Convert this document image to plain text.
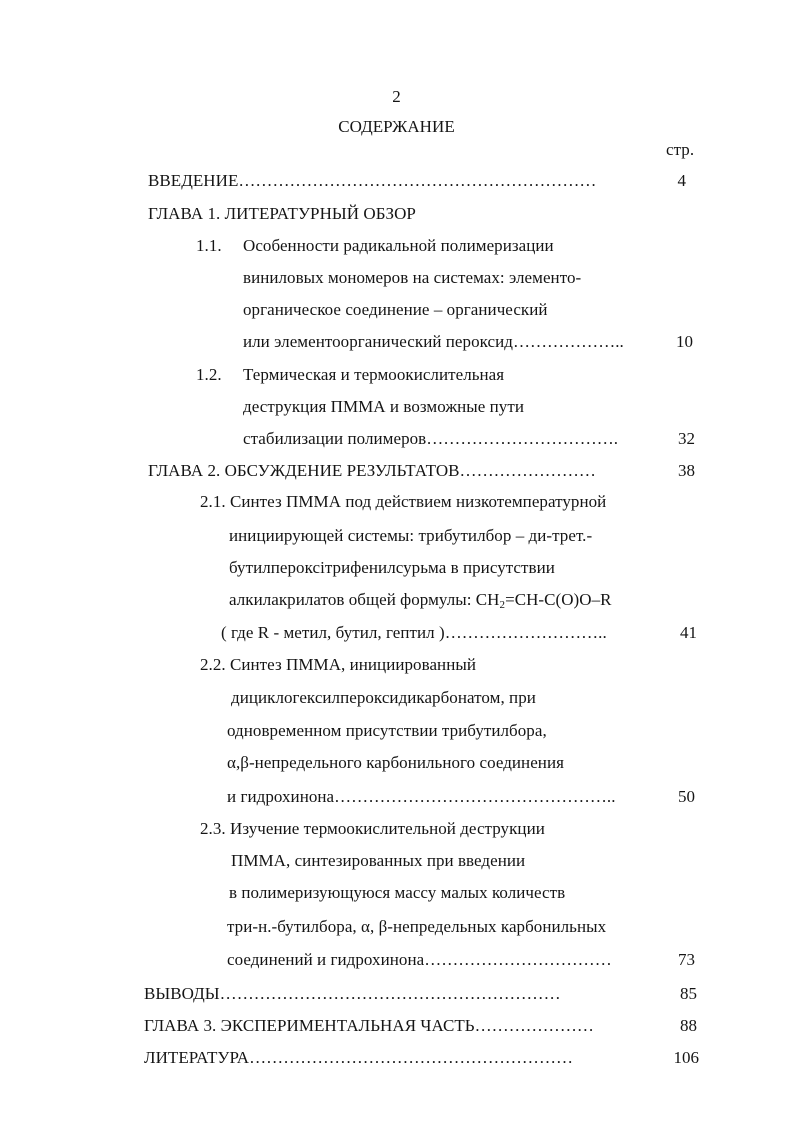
2
СОДЕРЖАНИЕ
стр.
ВВЕДЕНИЕ………………………………………………………	4
ГЛАВА 1. ЛИТЕРАТУРНЫЙ ОБЗОР
1.1. Особенности радикальной полимеризации
виниловых мономеров на системах: элементо-
органическое соединение – органический
или элементоорганический пероксид………………..	10
1.2. Термическая и термоокислительная
деструкция ПММА и возможные пути
стабилизации полимеров…………………………….	32
ГЛАВА 2. ОБСУЖДЕНИЕ РЕЗУЛЬТАТОВ……………………	38
2.1. Синтез ПММА под действием низкотемпературной
инициирующей системы: трибутилбор – ди-трет.-
бутилпероксітрифенилсурьма в присутствии
алкилакрилатов общей формулы: $CH_2=CH-C(O)O-R$
( где R - метил, бутил, гептил )………………………..	41
2.2. Синтез ПММА, инициированный
дициклогексилпероксидикарбонатом, при
одновременном присутствии трибутилбора,
α,β-непредельного карбонильного соединения
и гидрохинона…………………………………………..	50
2.3. Изучение термоокислительной деструкции
ПММА, синтезированных при введении
в полимеризующуюся массу малых количеств
три-н.-бутилбора, α, β-непредельных карбонильных
соединений и гидрохинона……………………………	73
ВЫВОДЫ……………………………………………………	85
ГЛАВА 3. ЭКСПЕРИМЕНТАЛЬНАЯ ЧАСТЬ…………………	88
ЛИТЕРАТУРА…………………………………………………	106
